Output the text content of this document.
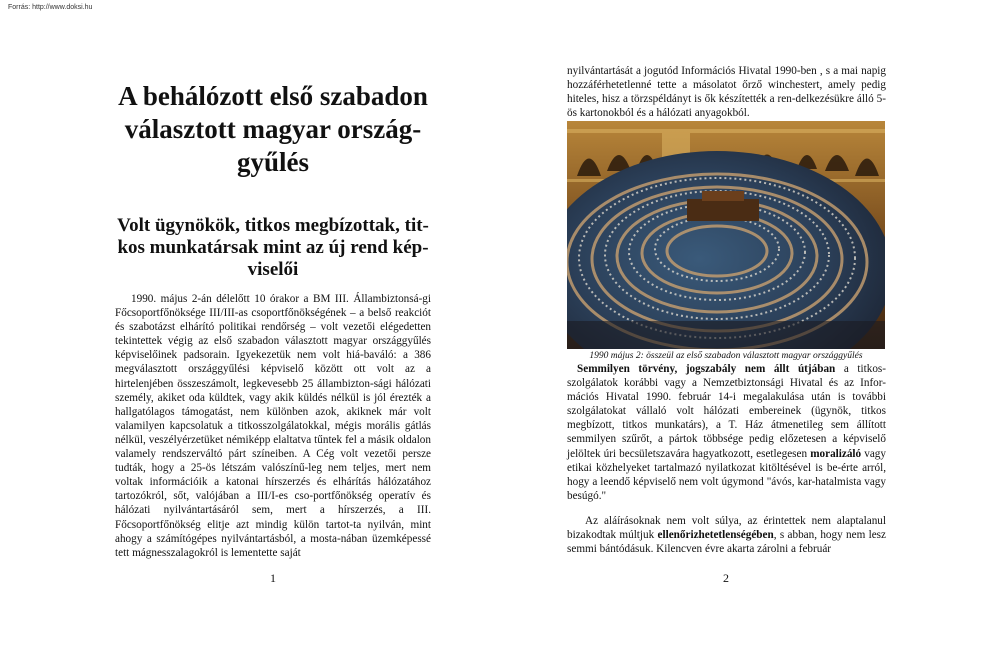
Forrás: http://www.doksi.hu
A behálózott első szabadon választott magyar ország-gyűlés
Volt ügynökök, titkos megbízottak, tit-kos munkatársak mint az új rend kép-viselői

1990. május 2-án délelőtt 10 órakor a BM III. Állambiztonsá-gi Főcsoportfőnöksége III/III-as csoportfőnökségének – a belső reakciót és szabotázst elhárító politikai rendőrség – volt vezetői elégedetten tekintettek végig az első szabadon választott magyar országgyűlés képviselőinek padsorain. Igyekezetük nem volt hiá-baváló: a 386 megválasztott országgyűlési képviselő között ott volt az a hirtelenjében összeszámolt, legkevesebb 25 állambizton-sági hálózati személy, akiket oda küldtek, vagy akik küldés nélkül is jól érezték a hallgatólagos támogatást, nem különben azok, akiknek már volt valamilyen kapcsolatuk a titkosszolgálatokkal, mégis morális gátlás nélkül, veszélyérzetüket némiképp elaltatva tűntek fel a másik oldalon valamely rendszerváltó párt színeiben. A Cég volt vezetői persze tudták, hogy a 25-ös létszám valószínű-leg nem teljes, mert nem voltak információik a katonai hírszerzés és elhárítás hálózatához tartozókról, sőt, valójában a III/I-es cso-portfőnökség operatív és hálózati nyilvántartásáról sem, mert a hírszerzés, a III. Főcsoportfőnökség elitje azt mindig külön tartot-ta nyilván, mint ahogy a számítógépes nyilvántartásból, a mosta-nában üzemképessé tett mágnesszalagokról is lementette saját

1

nyilvántartását a jogutód Információs Hivatal 1990-ben , s a mai napig hozzáférhetetlenné tette a másolatot őrző winchestert, amely pedig hiteles, hisz a törzspéldányt is ők készítették a ren-delkezésükre álló 5-ös kartonokból és a hálózati anyagokból.

1990 május 2: összeül az első szabadon választott magyar országgyűlés

Semmilyen törvény, jogszabály nem állt útjában a titkos-szolgálatok korábbi vagy a Nemzetbiztonsági Hivatal és az Infor-mációs Hivatal 1990. február 14-i megalakulása után is további szolgálatokat vállaló volt hálózati embereinek (ügynök, titkos megbízott, titkos munkatárs), a T. Ház átmenetileg sem állított semmilyen szűrőt, a pártok többsége pedig előzetesen a képviselő jelöltek úri becsületszavára hagyatkozott, esetlegesen moralizáló vagy etikai közhelyeket tartalmazó nyilatkozat kitöltésével is be-érte arról, hogy a leendő képviselő nem volt úgymond "ávós, kar-hatalmista vagy besúgó."

Az aláírásoknak nem volt súlya, az érintettek nem alaptalanul bizakodtak múltjuk ellenőrizhetetlenségében, s abban, hogy nem lesz semmi bántódásuk. Kilencven évre akarta zárolni a február

2
